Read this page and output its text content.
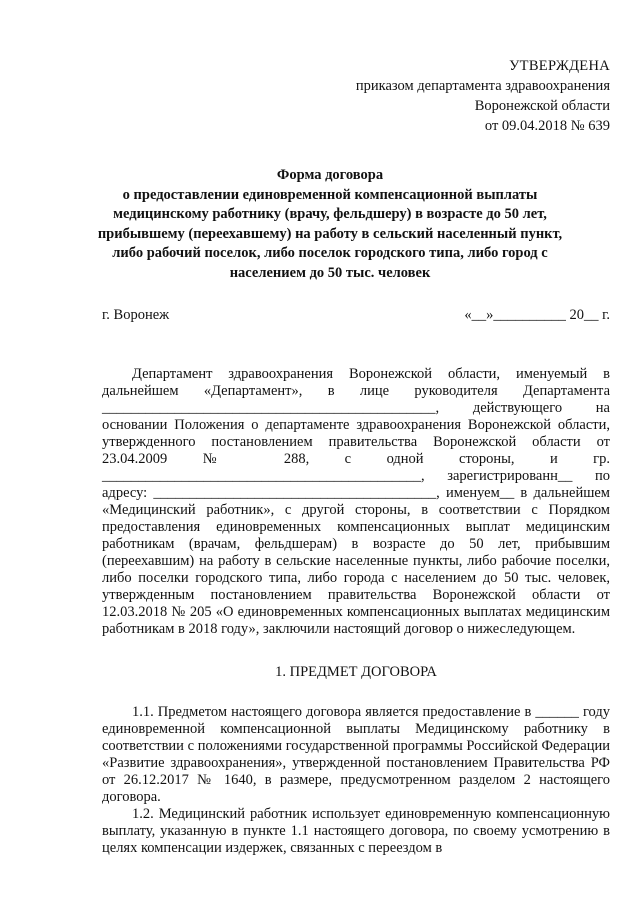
УТВЕРЖДЕНА
приказом департамента здравоохранения
Воронежской области
от 09.04.2018 № 639
Форма договора
о предоставлении единовременной компенсационной выплаты
медицинскому работнику (врачу, фельдшеру) в возрасте до 50 лет,
прибывшему (переехавшему) на работу в сельский населенный пункт,
либо рабочий поселок, либо поселок городского типа, либо город с
населением до 50 тыс. человек
г. Воронеж	«__»__________ 20__ г.

Департамент здравоохранения Воронежской области, именуемый в дальнейшем «Департамент», в лице руководителя Департамента ______________________________________________, действующего на основании Положения о департаменте здравоохранения Воронежской области, утвержденного постановлением правительства Воронежской области от 23.04.2009 № 288, с одной стороны, и гр. ____________________________________________, зарегистрированн__ по адресу: _______________________________________, именуем__ в дальнейшем «Медицинский работник», с другой стороны, в соответствии с Порядком предоставления единовременных компенсационных выплат медицинским работникам (врачам, фельдшерам) в возрасте до 50 лет, прибывшим (переехавшим) на работу в сельские населенные пункты, либо рабочие поселки, либо поселки городского типа, либо города с населением до 50 тыс. человек, утвержденным постановлением правительства Воронежской области от 12.03.2018 № 205 «О единовременных компенсационных выплатах медицинским работникам в 2018 году», заключили настоящий договор о нижеследующем.

1. ПРЕДМЕТ ДОГОВОРА

1.1. Предметом настоящего договора является предоставление в ______ году единовременной компенсационной выплаты Медицинскому работнику в соответствии с положениями государственной программы Российской Федерации «Развитие здравоохранения», утвержденной постановлением Правительства РФ от 26.12.2017 № 1640, в размере, предусмотренном разделом 2 настоящего договора.

1.2. Медицинский работник использует единовременную компенсационную выплату, указанную в пункте 1.1 настоящего договора, по своему усмотрению в целях компенсации издержек, связанных с переездом в
